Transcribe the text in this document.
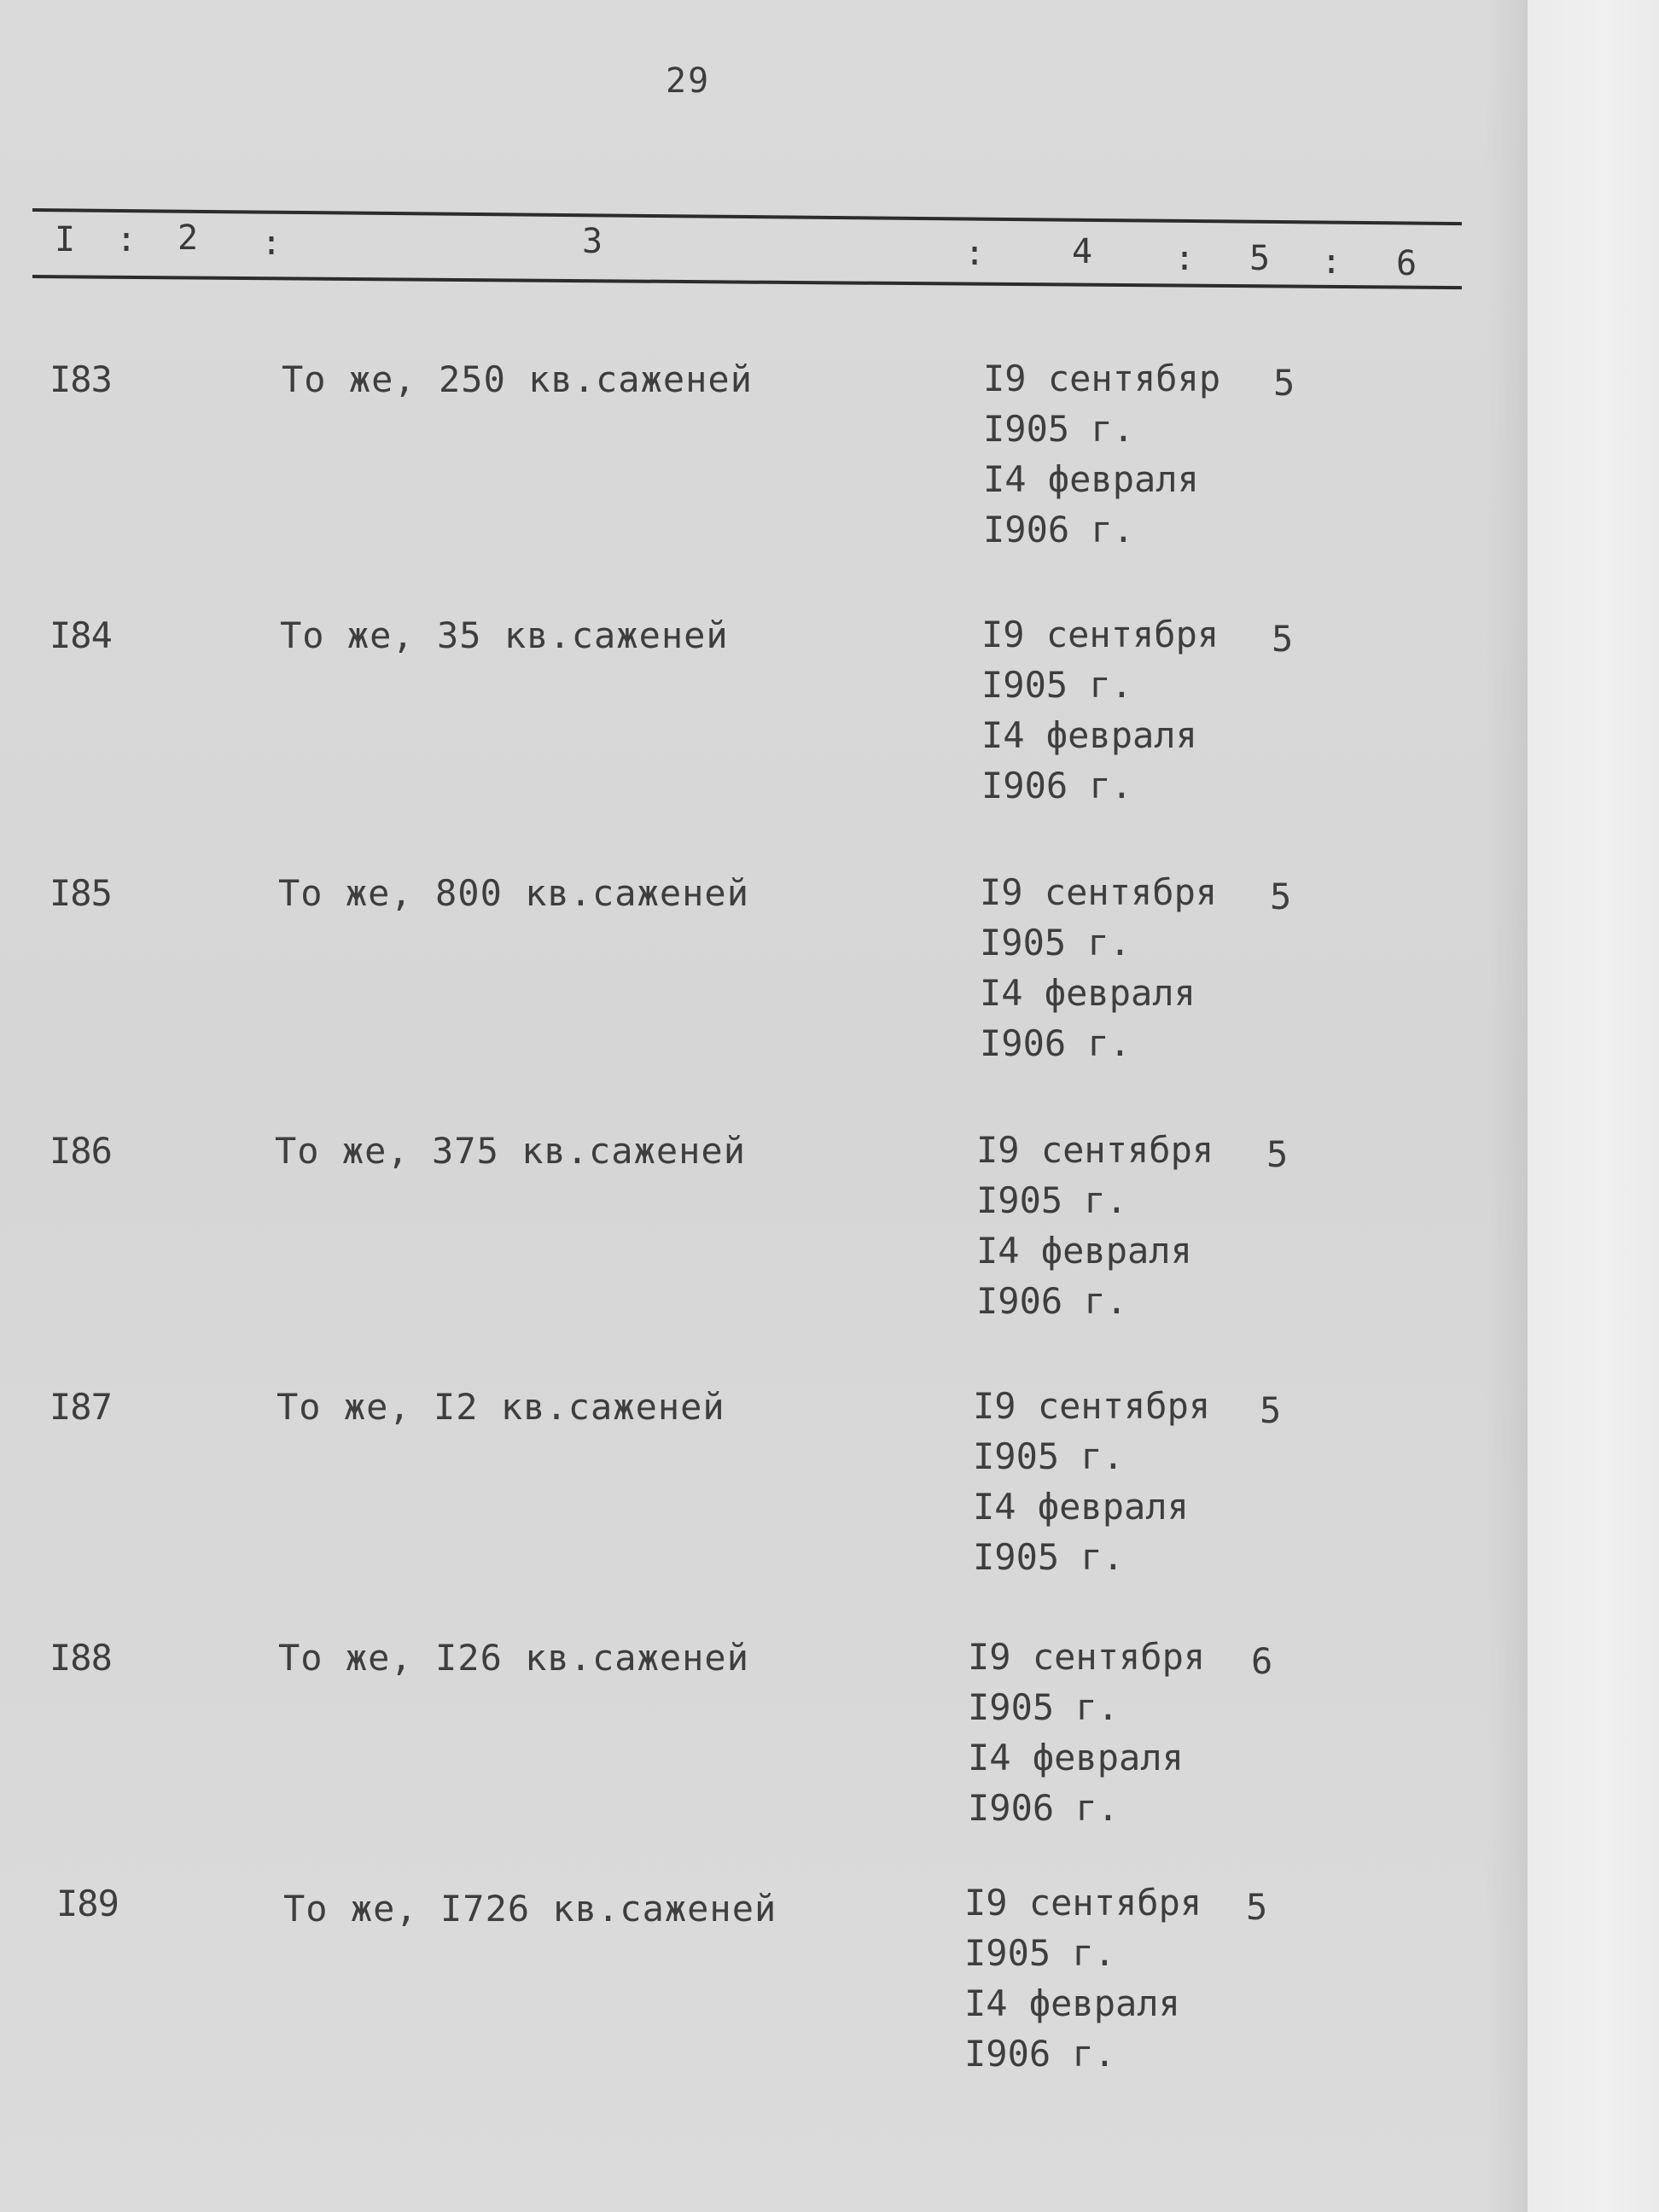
29
I : 2 :	3	:	4 : 5 : 6
I83	То же, 250 кв.саженей	I9 сентябяр
I905 г.
I4 февраля
I906 г.
5
I84	То же, 35 кв.саженей	I9 сентября
I905 г.
I4 февраля
I906 г.
5
I85	То же, 800 кв.саженей	I9 сентября
I905 г.
I4 февраля
I906 г.
5
I86	То же, 375 кв.саженей	I9 сентября
I905 г.
I4 февраля
I906 г.
5
I87	То же, I2 кв.саженей	I9 сентября
I905 г.
I4 февраля
I905 г.
5
I88	То же, I26 кв.саженей	I9 сентября
I905 г.
I4 февраля
I906 г.
6
I89	То же, I726 кв.саженей	I9 сентября
I905 г.
I4 февраля
I906 г.
5
